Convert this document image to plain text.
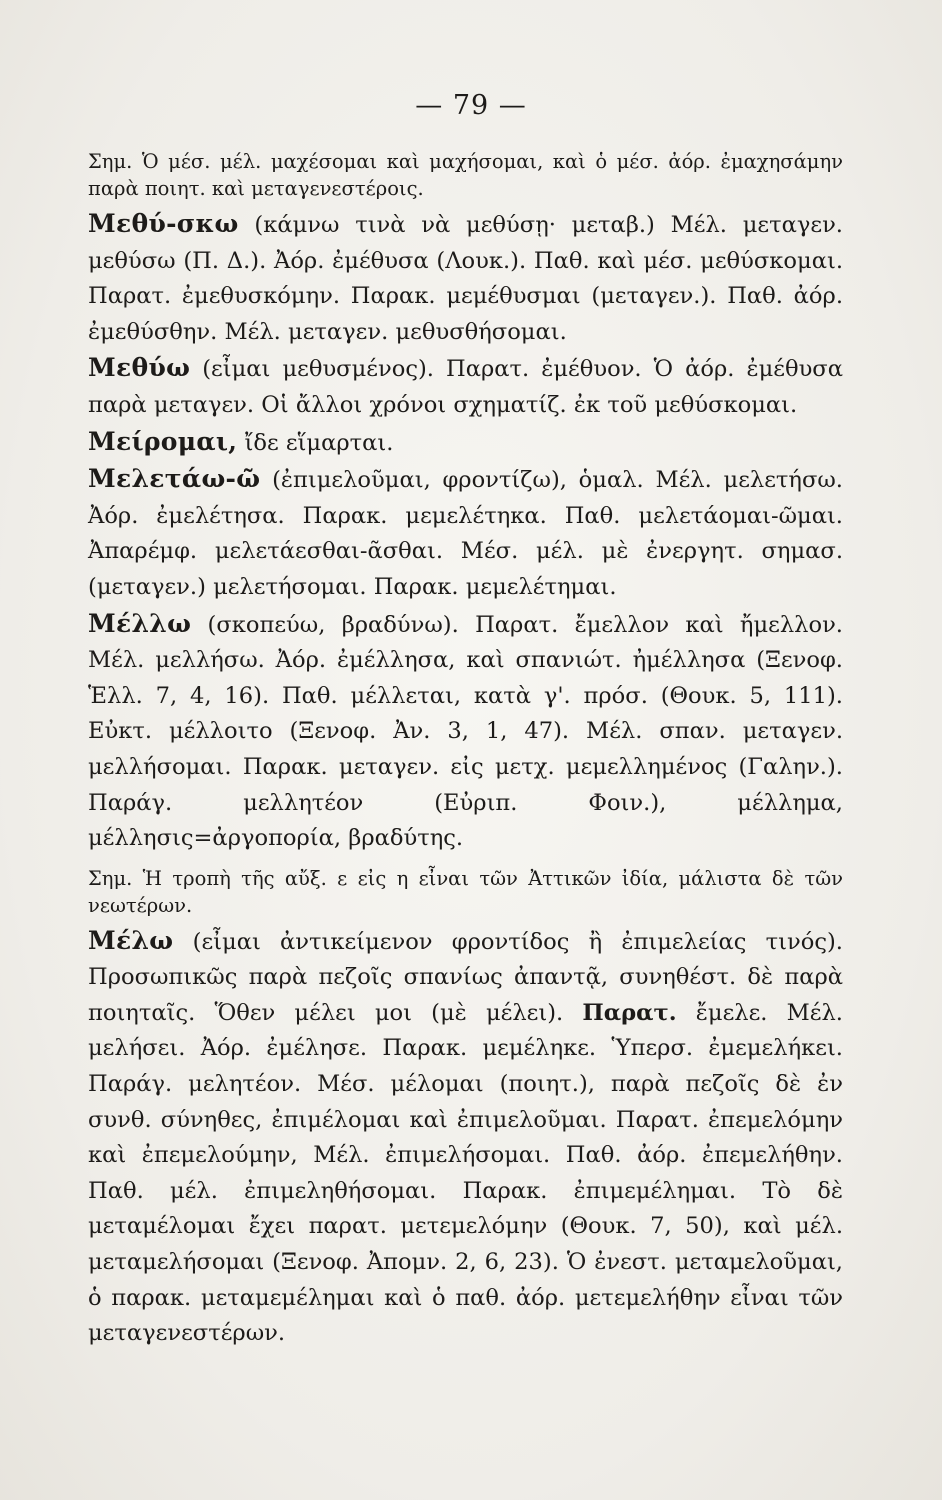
— 79 —

Σημ. Ὁ μέσ. μέλ. μαχέσομαι καὶ μαχήσομαι, καὶ ὁ μέσ. ἀόρ. ἐμαχησάμην παρὰ ποιητ. καὶ μεταγενεστέροις.

Μεθύ-σκω (κάμνω τινὰ νὰ μεθύσῃ· μεταβ.) Μέλ. μεταγεν. μεθύσω (Π. Δ.). Ἀόρ. ἐμέθυσα (Λουκ.). Παθ. καὶ μέσ. μεθύσκομαι. Παρατ. ἐμεθυσκόμην. Παρακ. μεμέθυσμαι (μεταγεν.). Παθ. ἀόρ. ἐμεθύσθην. Μέλ. μεταγεν. μεθυσθήσομαι.

Μεθύω (εἶμαι μεθυσμένος). Παρατ. ἐμέθυον. Ὁ ἀόρ. ἐμέθυσα παρὰ μεταγεν. Οἱ ἄλλοι χρόνοι σχηματίζ. ἐκ τοῦ μεθύσκομαι.

Μείρομαι, ἴδε εἵμαρται.

Μελετάω-ῶ (ἐπιμελοῦμαι, φροντίζω), ὁμαλ. Μέλ. μελετήσω. Ἀόρ. ἐμελέτησα. Παρακ. μεμελέτηκα. Παθ. μελετάομαι-ῶμαι. Ἀπαρέμφ. μελετάεσθαι-ᾶσθαι. Μέσ. μέλ. μὲ ἐνεργητ. σημασ. (μεταγεν.) μελετήσομαι. Παρακ. μεμελέτημαι.

Μέλλω (σκοπεύω, βραδύνω). Παρατ. ἔμελλον καὶ ἤμελλον. Μέλ. μελλήσω. Ἀόρ. ἐμέλλησα, καὶ σπανιώτ. ἠμέλλησα (Ξενοφ. Ἑλλ. 7, 4, 16). Παθ. μέλλεται, κατὰ γ'. πρόσ. (Θουκ. 5, 111). Εὐκτ. μέλλοιτο (Ξενοφ. Ἀν. 3, 1, 47). Μέλ. σπαν. μεταγεν. μελλήσομαι. Παρακ. μεταγεν. εἰς μετχ. μεμελλημένος (Γαλην.). Παράγ. μελλητέον (Εὐριπ. Φοιν.), μέλλημα, μέλλησις=ἀργοπορία, βραδύτης.

Σημ. Ἡ τροπὴ τῆς αὔξ. ε εἰς η εἶναι τῶν Ἀττικῶν ἰδία, μάλιστα δὲ τῶν νεωτέρων.

Μέλω (εἶμαι ἀντικείμενον φροντίδος ἢ ἐπιμελείας τινός). Προσωπικῶς παρὰ πεζοῖς σπανίως ἀπαντᾷ, συνηθέστ. δὲ παρὰ ποιηταῖς. Ὅθεν μέλει μοι (μὲ μέλει). Παρατ. ἔμελε. Μέλ. μελήσει. Ἀόρ. ἐμέλησε. Παρακ. μεμέληκε. Ὑπερσ. ἐμεμελήκει. Παράγ. μελητέον. Μέσ. μέλομαι (ποιητ.), παρὰ πεζοῖς δὲ ἐν συνθ. σύνηθες, ἐπιμέλομαι καὶ ἐπιμελοῦμαι. Παρατ. ἐπεμελόμην καὶ ἐπεμελούμην, Μέλ. ἐπιμελήσομαι. Παθ. ἀόρ. ἐπεμελήθην. Παθ. μέλ. ἐπιμεληθήσομαι. Παρακ. ἐπιμεμέλημαι. Τὸ δὲ μεταμέλομαι ἔχει παρατ. μετεμελόμην (Θουκ. 7, 50), καὶ μέλ. μεταμελήσομαι (Ξενοφ. Ἀπομν. 2, 6, 23). Ὁ ἐνεστ. μεταμελοῦμαι, ὁ παρακ. μεταμεμέλημαι καὶ ὁ παθ. ἀόρ. μετεμελήθην εἶναι τῶν μεταγενεστέρων.
